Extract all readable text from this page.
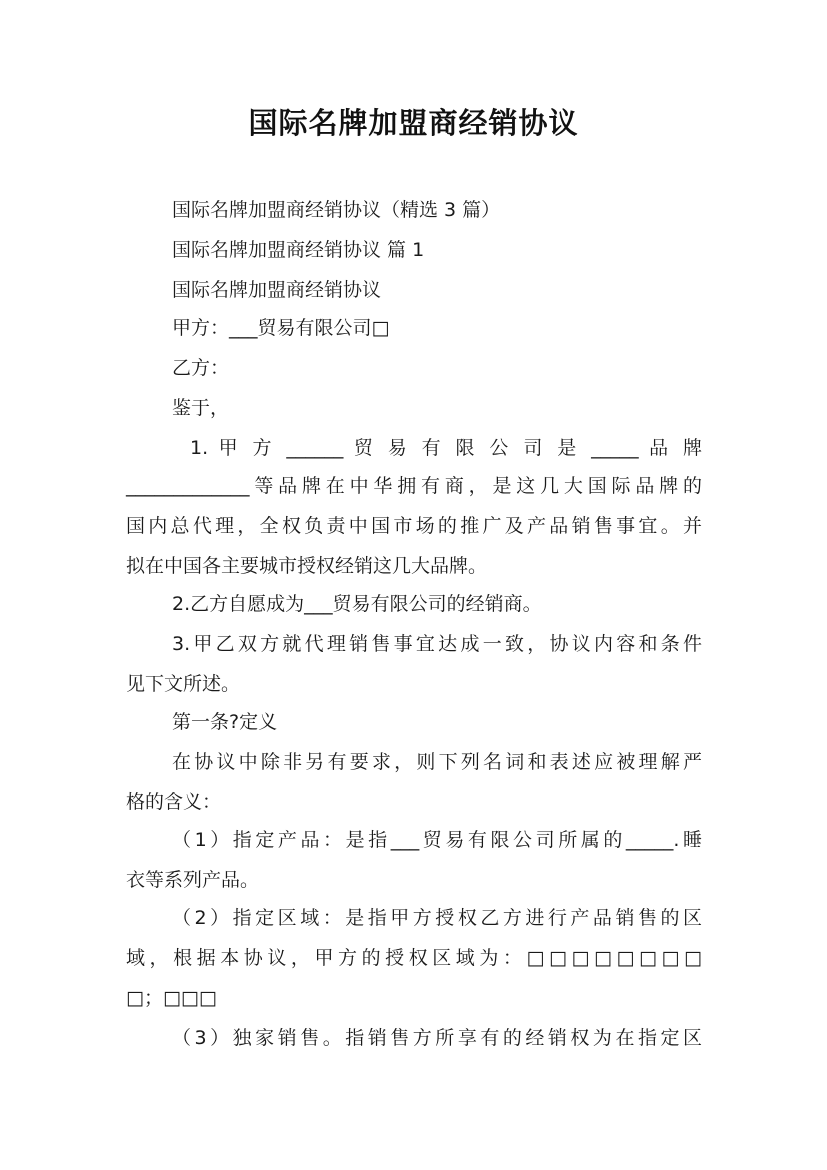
国际名牌加盟商经销协议
国际名牌加盟商经销协议（精选 3 篇）
国际名牌加盟商经销协议 篇 1
国际名牌加盟商经销协议
甲方：___贸易有限公司□
乙方：
鉴于，
1. 甲 方 ______ 贸 易 有 限 公 司 是 _____ 品 牌
_____________等品牌在中华拥有商，是这几大国际品牌的
国内总代理，全权负责中国市场的推广及产品销售事宜。并
拟在中国各主要城市授权经销这几大品牌。
2.乙方自愿成为___贸易有限公司的经销商。
3.甲乙双方就代理销售事宜达成一致，协议内容和条件
见下文所述。
第一条?定义
在协议中除非另有要求，则下列名词和表述应被理解严
格的含义：
（1）指定产品：是指___贸易有限公司所属的_____.睡
衣等系列产品。
（2）指定区域：是指甲方授权乙方进行产品销售的区
域，根据本协议，甲方的授权区域为：□□□□□□□□
□；□□□
（3）独家销售。指销售方所享有的经销权为在指定区
